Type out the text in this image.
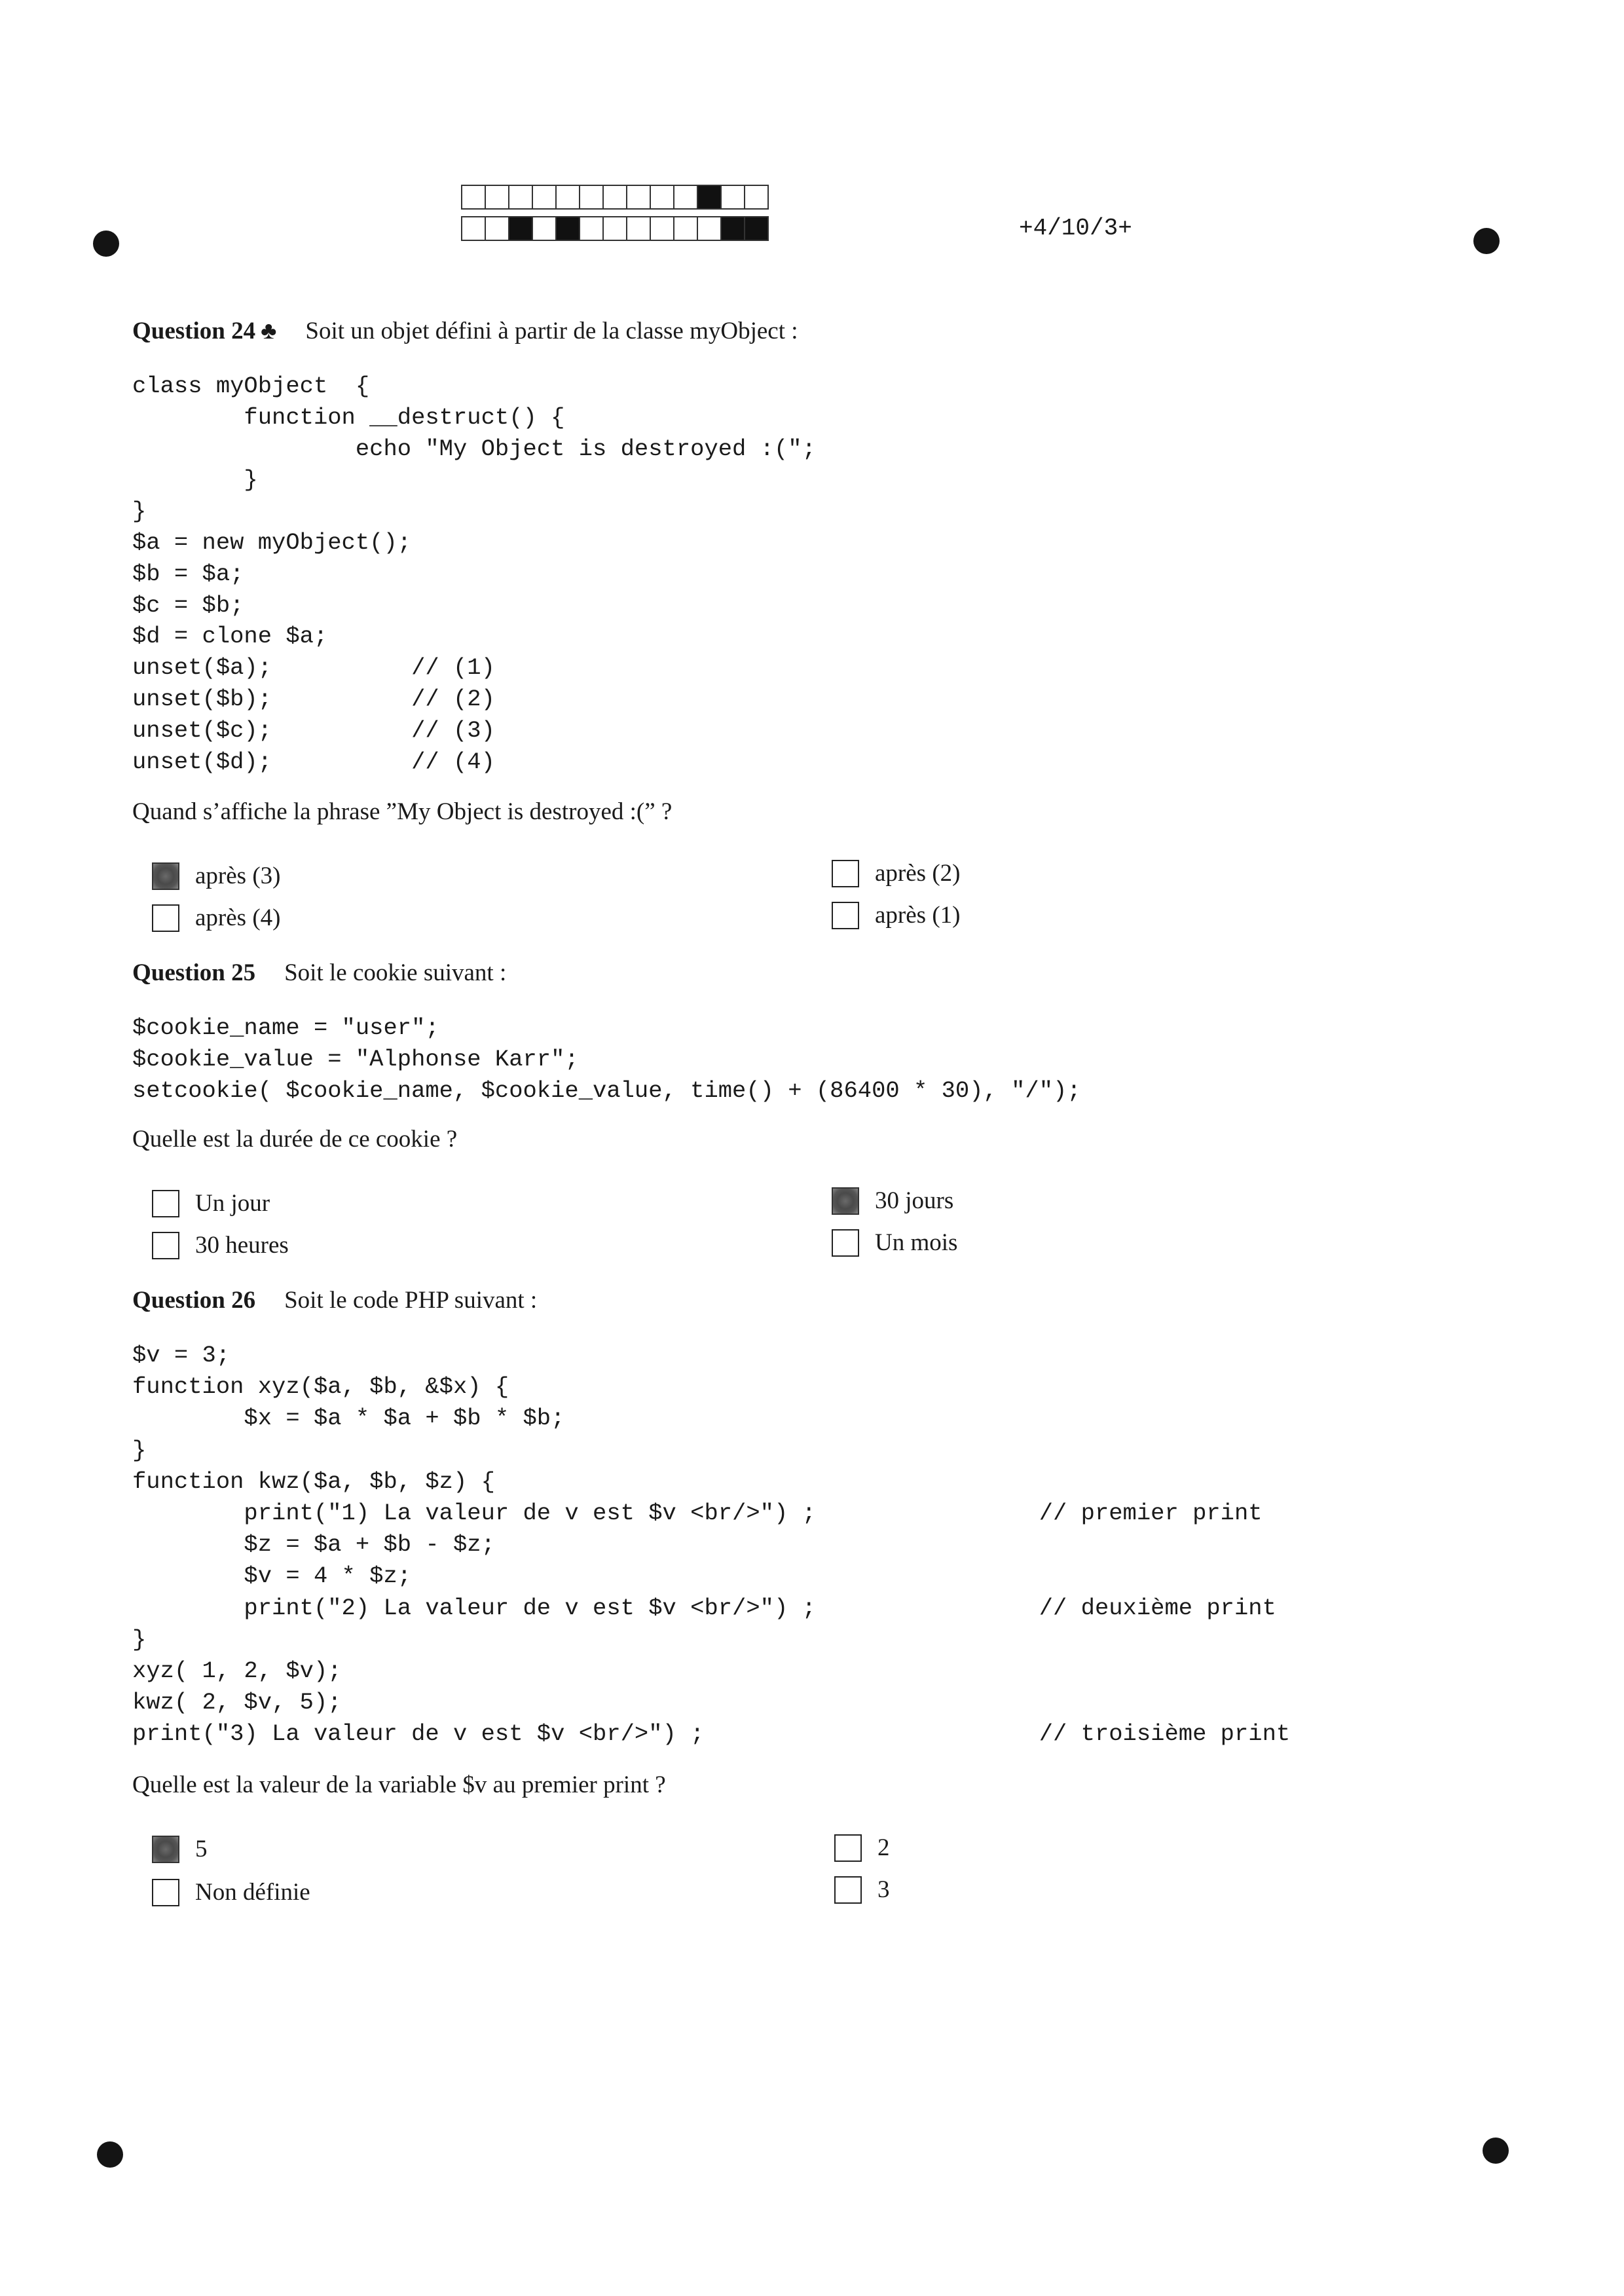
+4/10/3+
Question 24 ♣ Soit un objet défini à partir de la classe myObject :
class myObject  {
function __destruct() {
echo "My Object is destroyed :(";
}
}
$a = new myObject();
$b = $a;
$c = $b;
$d = clone $a;
unset($a);          // (1)
unset($b);          // (2)
unset($c);          // (3)
unset($d);          // (4)
Quand s’affiche la phrase ”My Object is destroyed :(” ?
après (3)
après (4)
après (2)
après (1)
Question 25 Soit le cookie suivant :
$cookie_name = "user";
$cookie_value = "Alphonse Karr";
setcookie( $cookie_name, $cookie_value, time() + (86400 * 30), "/");
Quelle est la durée de ce cookie ?
Un jour
30 heures
30 jours
Un mois
Question 26 Soit le code PHP suivant :
$v = 3;
function xyz($a, $b, &$x) {
$x = $a * $a + $b * $b;
}
function kwz($a, $b, $z) {
print("1) La valeur de v est $v <br/>") ;                // premier print
$z = $a + $b - $z;
$v = 4 * $z;
print("2) La valeur de v est $v <br/>") ;                // deuxième print
}
xyz( 1, 2, $v);
kwz( 2, $v, 5);
print("3) La valeur de v est $v <br/>") ;                        // troisième print
Quelle est la valeur de la variable $v au premier print ?
5
Non définie
2
3
